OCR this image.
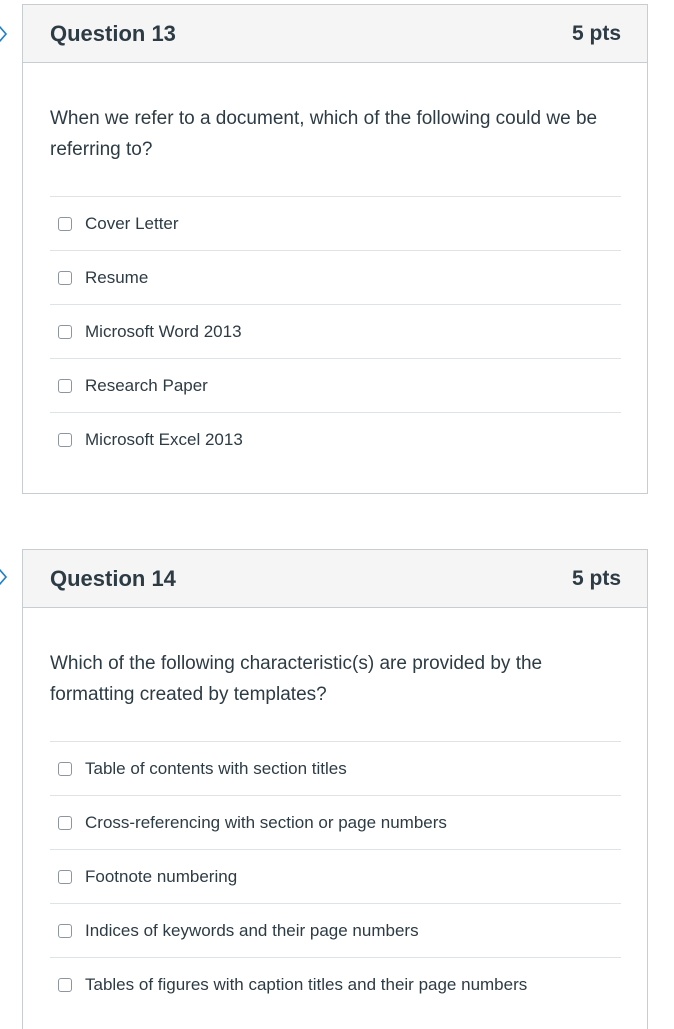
Question 13	5 pts

When we refer to a document, which of the following could we be referring to?

Cover Letter
Resume
Microsoft Word 2013
Research Paper
Microsoft Excel 2013
Question 14	5 pts

Which of the following characteristic(s) are provided by the formatting created by templates?

Table of contents with section titles
Cross-referencing with section or page numbers
Footnote numbering
Indices of keywords and their page numbers
Tables of figures with caption titles and their page numbers
